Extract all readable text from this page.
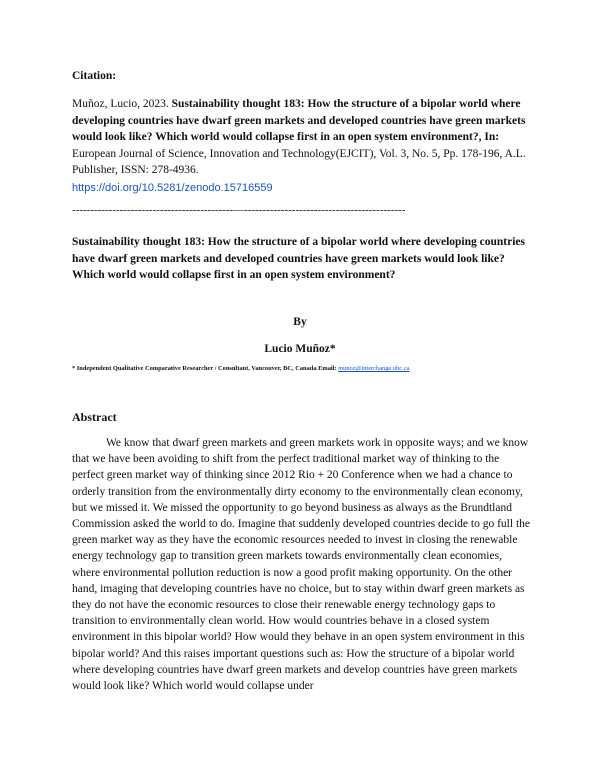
Citation:
Muñoz, Lucio, 2023. Sustainability thought 183: How the structure of a bipolar world where developing countries have dwarf green markets and developed countries have green markets would look like? Which world would collapse first in an open system environment?, In: European Journal of Science, Innovation and Technology(EJCIT), Vol. 3, No. 5, Pp. 178-196, A.L. Publisher, ISSN: 278-4936.
https://doi.org/10.5281/zenodo.15716559
--------------------------------------------—--------------------------------------------
Sustainability thought 183: How the structure of a bipolar world where developing countries have dwarf green markets and developed countries have green markets would look like? Which world would collapse first in an open system environment?
By
Lucio Muñoz*
* Independent Qualitative Comparative Researcher / Consultant, Vancouver, BC, Canada Email: munoz@interchange.ubc.ca
Abstract
We know that dwarf green markets and green markets work in opposite ways; and we know that we have been avoiding to shift from the perfect traditional market way of thinking to the perfect green market way of thinking since 2012 Rio + 20 Conference when we had a chance to orderly transition from the environmentally dirty economy to the environmentally clean economy, but we missed it. We missed the opportunity to go beyond business as always as the Brundtland Commission asked the world to do. Imagine that suddenly developed countries decide to go full the green market way as they have the economic resources needed to invest in closing the renewable energy technology gap to transition green markets towards environmentally clean economies, where environmental pollution reduction is now a good profit making opportunity. On the other hand, imaging that developing countries have no choice, but to stay within dwarf green markets as they do not have the economic resources to close their renewable energy technology gaps to transition to environmentally clean world. How would countries behave in a closed system environment in this bipolar world? How would they behave in an open system environment in this bipolar world? And this raises important questions such as: How the structure of a bipolar world where developing countries have dwarf green markets and develop countries have green markets would look like? Which world would collapse under
